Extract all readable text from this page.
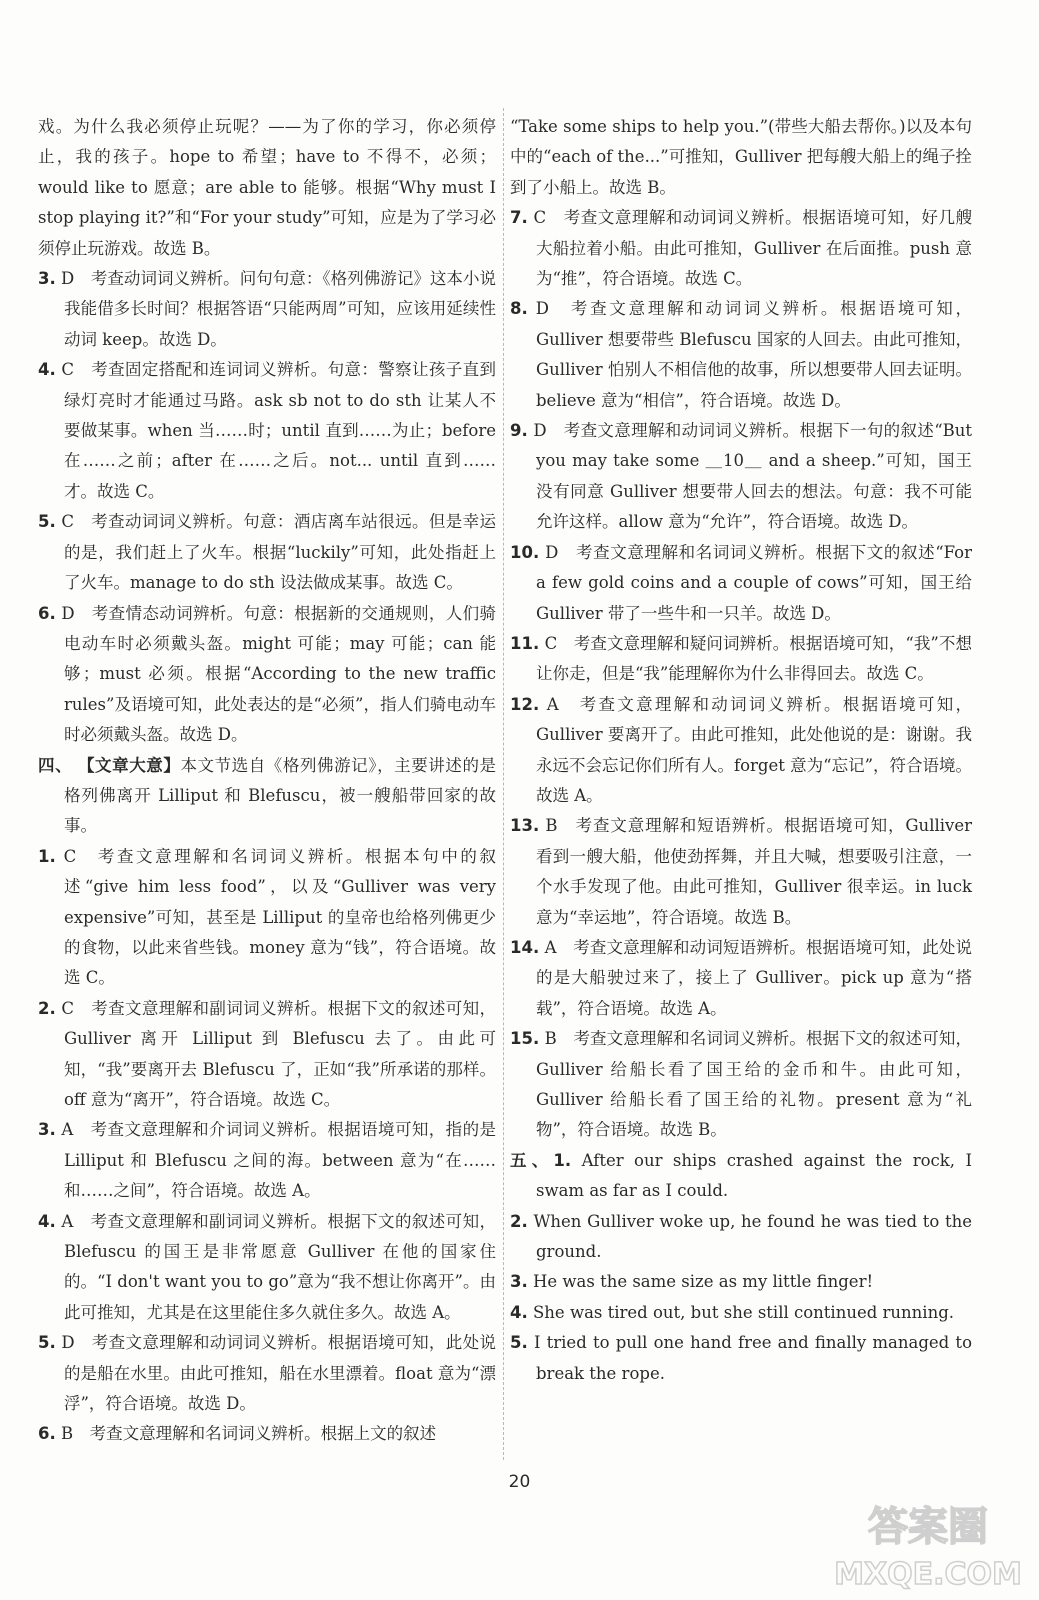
戏。为什么我必须停止玩呢？——为了你的学习，你必须停止，我的孩子。hope to 希望；have to 不得不，必须；would like to 愿意；are able to 能够。根据“Why must I stop playing it?”和“For your study”可知，应是为了学习必须停止玩游戏。故选 B。

3. D　考查动词词义辨析。问句句意：《格列佛游记》这本小说我能借多长时间？根据答语“只能两周”可知，应该用延续性动词 keep。故选 D。

4. C　考查固定搭配和连词词义辨析。句意：警察让孩子直到绿灯亮时才能通过马路。ask sb not to do sth 让某人不要做某事。when 当……时；until 直到……为止；before 在……之前；after 在……之后。not... until 直到……才。故选 C。

5. C　考查动词词义辨析。句意：酒店离车站很远。但是幸运的是，我们赶上了火车。根据“luckily”可知，此处指赶上了火车。manage to do sth 设法做成某事。故选 C。

6. D　考查情态动词辨析。句意：根据新的交通规则，人们骑电动车时必须戴头盔。might 可能；may 可能；can 能够；must 必须。根据“According to the new traffic rules”及语境可知，此处表达的是“必须”，指人们骑电动车时必须戴头盔。故选 D。

四、 【文章大意】本文节选自《格列佛游记》，主要讲述的是格列佛离开 Lilliput 和 Blefuscu，被一艘船带回家的故事。

1. C　考查文意理解和名词词义辨析。根据本句中的叙述“give him less food”，以及“Gulliver was very expensive”可知，甚至是 Lilliput 的皇帝也给格列佛更少的食物，以此来省些钱。money 意为“钱”，符合语境。故选 C。

2. C　考查文意理解和副词词义辨析。根据下文的叙述可知，Gulliver 离开 Lilliput 到 Blefuscu 去了。由此可知，“我”要离开去 Blefuscu 了，正如“我”所承诺的那样。off 意为“离开”，符合语境。故选 C。

3. A　考查文意理解和介词词义辨析。根据语境可知，指的是 Lilliput 和 Blefuscu 之间的海。between 意为“在……和……之间”，符合语境。故选 A。

4. A　考查文意理解和副词词义辨析。根据下文的叙述可知，Blefuscu 的国王是非常愿意 Gulliver 在他的国家住的。“I don't want you to go”意为“我不想让你离开”。由此可推知，尤其是在这里能住多久就住多久。故选 A。

5. D　考查文意理解和动词词义辨析。根据语境可知，此处说的是船在水里。由此可推知，船在水里漂着。float 意为“漂浮”，符合语境。故选 D。

6. B　考查文意理解和名词词义辨析。根据上文的叙述

“Take some ships to help you.”(带些大船去帮你。)以及本句中的“each of the...”可推知，Gulliver 把每艘大船上的绳子拴到了小船上。故选 B。

7. C　考查文意理解和动词词义辨析。根据语境可知，好几艘大船拉着小船。由此可推知，Gulliver 在后面推。push 意为“推”，符合语境。故选 C。

8. D　考查文意理解和动词词义辨析。根据语境可知，Gulliver 想要带些 Blefuscu 国家的人回去。由此可推知，Gulliver 怕别人不相信他的故事，所以想要带人回去证明。believe 意为“相信”，符合语境。故选 D。

9. D　考查文意理解和动词词义辨析。根据下一句的叙述“But you may take some ＿10＿ and a sheep.”可知，国王没有同意 Gulliver 想要带人回去的想法。句意：我不可能允许这样。allow 意为“允许”，符合语境。故选 D。

10. D　考查文意理解和名词词义辨析。根据下文的叙述“For a few gold coins and a couple of cows”可知，国王给 Gulliver 带了一些牛和一只羊。故选 D。

11. C　考查文意理解和疑问词辨析。根据语境可知，“我”不想让你走，但是“我”能理解你为什么非得回去。故选 C。

12. A　考查文意理解和动词词义辨析。根据语境可知，Gulliver 要离开了。由此可推知，此处他说的是：谢谢。我永远不会忘记你们所有人。forget 意为“忘记”，符合语境。故选 A。

13. B　考查文意理解和短语辨析。根据语境可知，Gulliver 看到一艘大船，他使劲挥舞，并且大喊，想要吸引注意，一个水手发现了他。由此可推知，Gulliver 很幸运。in luck 意为“幸运地”，符合语境。故选 B。

14. A　考查文意理解和动词短语辨析。根据语境可知，此处说的是大船驶过来了，接上了 Gulliver。pick up 意为“搭载”，符合语境。故选 A。

15. B　考查文意理解和名词词义辨析。根据下文的叙述可知，Gulliver 给船长看了国王给的金币和牛。由此可知，Gulliver 给船长看了国王给的礼物。present 意为“礼物”，符合语境。故选 B。

五、1. After our ships crashed against the rock, I swam as far as I could.

2. When Gulliver woke up, he found he was tied to the ground.

3. He was the same size as my little finger!

4. She was tired out, but she still continued running.

5. I tried to pull one hand free and finally managed to break the rope.

20
答案圈
MXQE.COM
